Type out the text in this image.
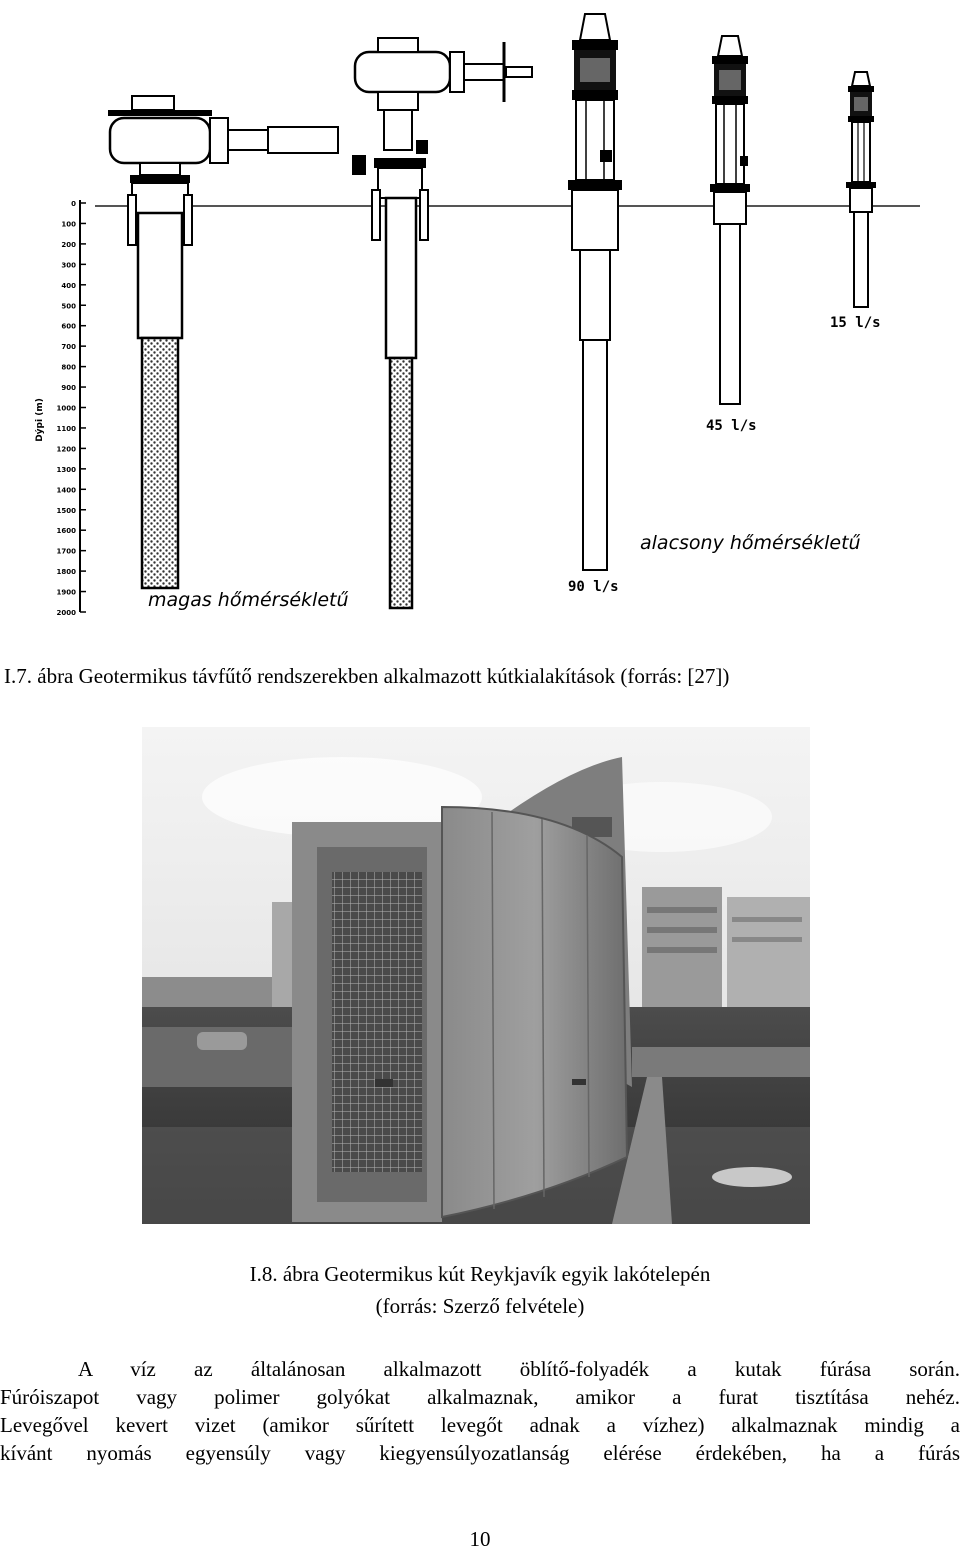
0
100
200
300
400
500
600
700
800
900
1000
1100
1200
1300
1400
1500
1600
1700
1800
1900
2000
Dýpi (m)
magas hőmérsékletű
alacsony hőmérsékletű
90 l/s
45 l/s
15 l/s
I.7. ábra Geotermikus távfűtő rendszerekben alkalmazott kútkialakítások (forrás: [27])
I.8. ábra Geotermikus kút Reykjavík egyik lakótelepén
(forrás: Szerző felvétele)
A víz az általánosan alkalmazott öblítő-folyadék a kutak fúrása során.
Fúróiszapot vagy polimer golyókat alkalmaznak, amikor a furat tisztítása nehéz.
Levegővel kevert vizet (amikor sűrített levegőt adnak a vízhez) alkalmaznak mindig a
kívánt nyomás egyensúly vagy kiegyensúlyozatlanság elérése érdekében, ha a fúrás
10
